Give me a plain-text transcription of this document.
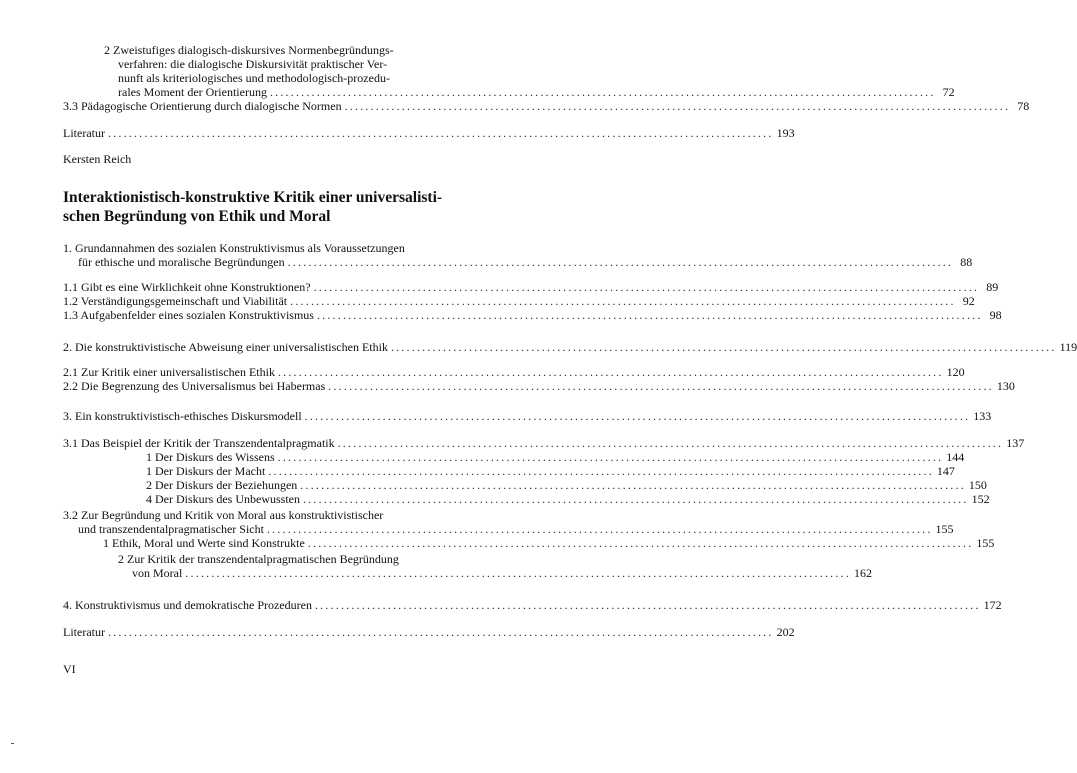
2 Zweistufiges dialogisch-diskursives Normenbegründungs-
verfahren: die dialogische Diskursivität praktischer Ver-
nunft als kriteriologisches und methodologisch-prozedu-
rales Moment der Orientierung ................................................................................................................................ 72
3.3 Pädagogische Orientierung durch dialogische Normen ................................................................................................................................ 78
Literatur ................................................................................................................................ 193
Kersten Reich
Interaktionistisch-konstruktive Kritik einer universalisti-
schen Begründung von Ethik und Moral
1. Grundannahmen des sozialen Konstruktivismus als Voraussetzungen
für ethische und moralische Begründungen ................................................................................................................................ 88
1.1 Gibt es eine Wirklichkeit ohne Konstruktionen? ................................................................................................................................ 89
1.2 Verständigungsgemeinschaft und Viabilität ................................................................................................................................ 92
1.3 Aufgabenfelder eines sozialen Konstruktivismus ................................................................................................................................ 98
2. Die konstruktivistische Abweisung einer universalistischen Ethik ................................................................................................................................ 119
2.1 Zur Kritik einer universalistischen Ethik ................................................................................................................................ 120
2.2 Die Begrenzung des Universalismus bei Habermas ................................................................................................................................ 130
3. Ein konstruktivistisch-ethisches Diskursmodell ................................................................................................................................ 133
3.1 Das Beispiel der Kritik der Transzendentalpragmatik ................................................................................................................................ 137
1 Der Diskurs des Wissens ................................................................................................................................ 144
1 Der Diskurs der Macht ................................................................................................................................ 147
2 Der Diskurs der Beziehungen ................................................................................................................................ 150
4 Der Diskurs des Unbewussten ................................................................................................................................ 152
3.2 Zur Begründung und Kritik von Moral aus konstruktivistischer
und transzendentalpragmatischer Sicht ................................................................................................................................ 155
1 Ethik, Moral und Werte sind Konstrukte ................................................................................................................................ 155
2 Zur Kritik der transzendentalpragmatischen Begründung
von Moral ................................................................................................................................ 162
4. Konstruktivismus und demokratische Prozeduren ................................................................................................................................ 172
Literatur ................................................................................................................................ 202
VI
